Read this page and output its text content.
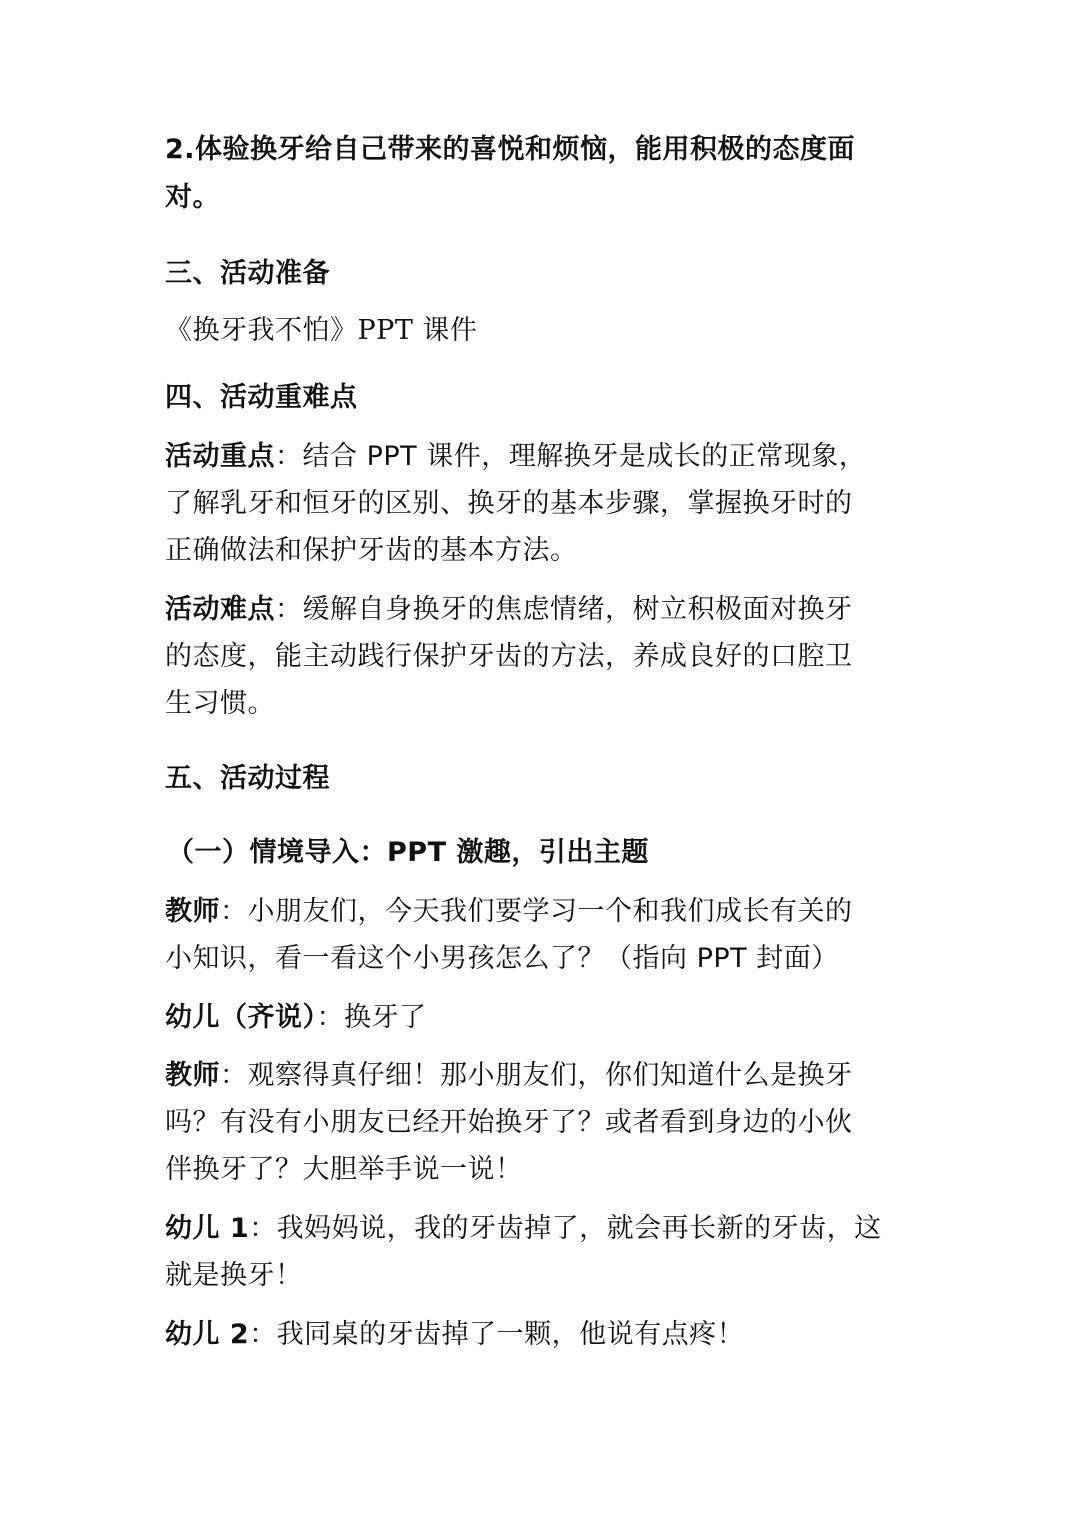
2.体验换牙给自己带来的喜悦和烦恼，能用积极的态度面
对。
三、活动准备
《换牙我不怕》PPT 课件
四、活动重难点
活动重点：结合 PPT 课件，理解换牙是成长的正常现象，
了解乳牙和恒牙的区别、换牙的基本步骤，掌握换牙时的
正确做法和保护牙齿的基本方法。
活动难点：缓解自身换牙的焦虑情绪，树立积极面对换牙
的态度，能主动践行保护牙齿的方法，养成良好的口腔卫
生习惯。
五、活动过程
（一）情境导入：PPT 激趣，引出主题
教师：小朋友们，今天我们要学习一个和我们成长有关的
小知识，看一看这个小男孩怎么了？（指向 PPT 封面）
幼儿（齐说）：换牙了
教师：观察得真仔细！那小朋友们，你们知道什么是换牙
吗？有没有小朋友已经开始换牙了？或者看到身边的小伙
伴换牙了？大胆举手说一说！
幼儿 1：我妈妈说，我的牙齿掉了，就会再长新的牙齿，这
就是换牙！
幼儿 2：我同桌的牙齿掉了一颗，他说有点疼！
